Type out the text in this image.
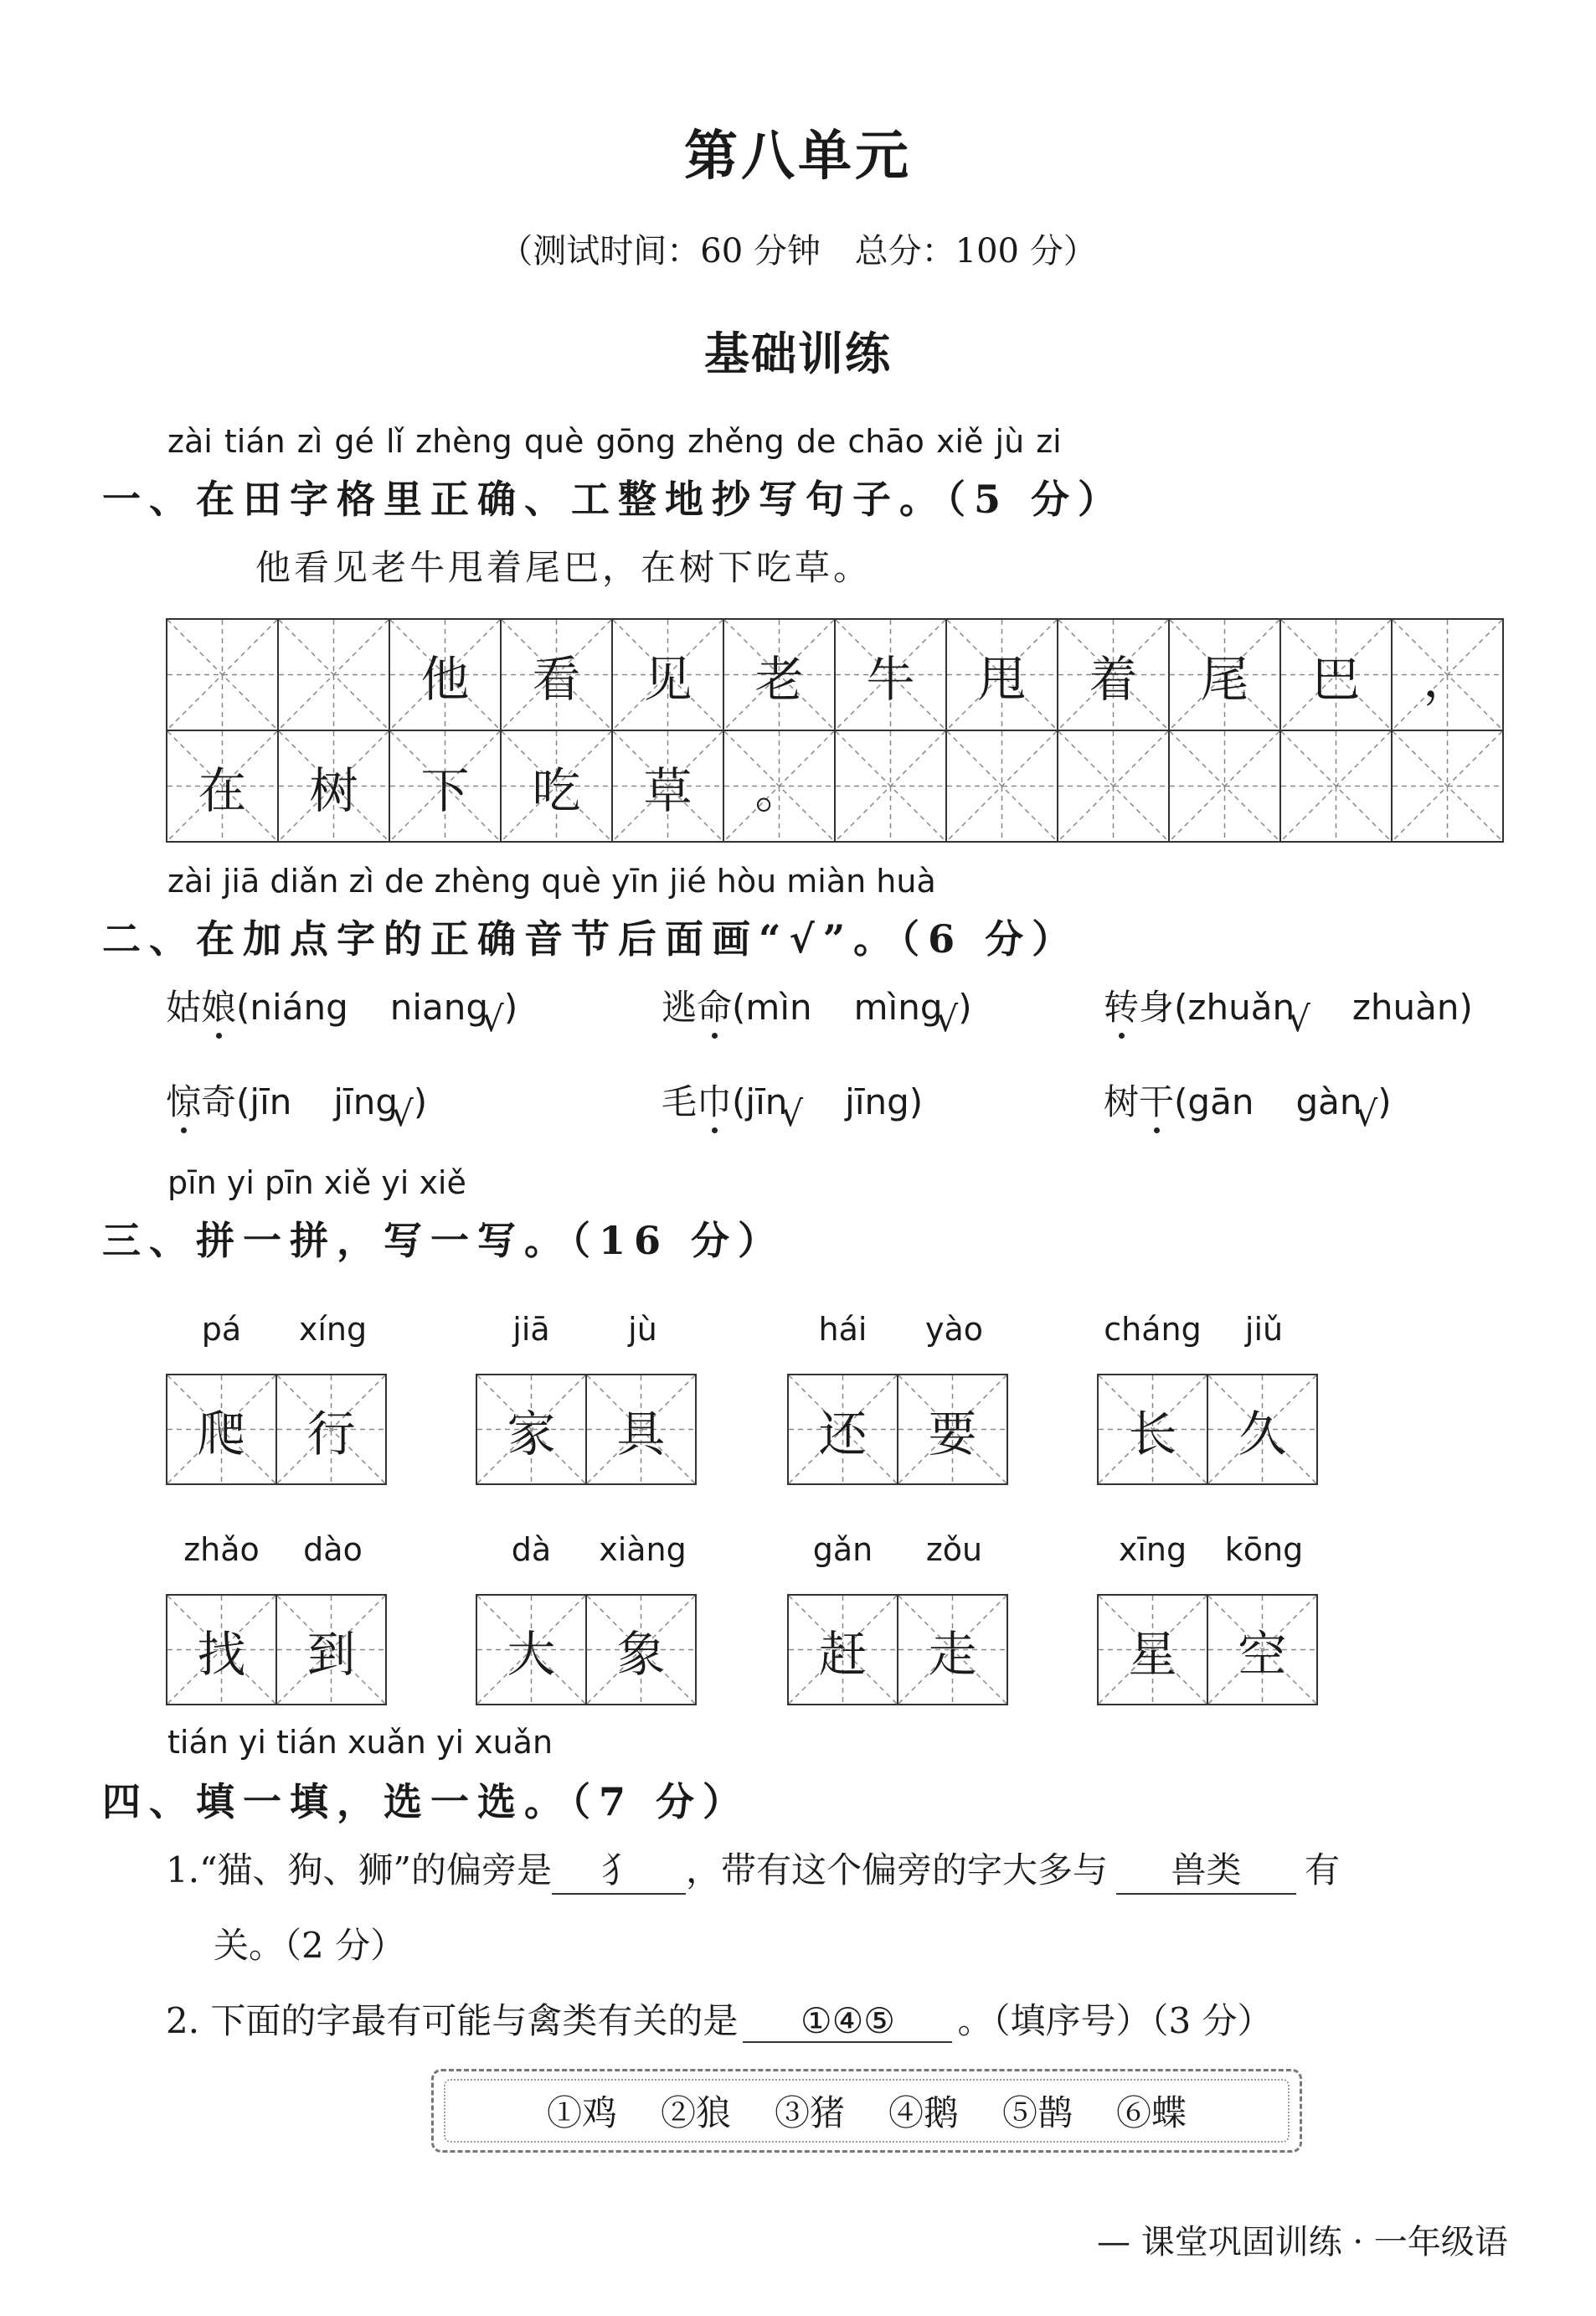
第八单元
（测试时间：60 分钟 总分：100 分）
基础训练
zài tián zì gé lǐ zhèng què gōng zhěng de chāo xiě jù zi
一、在田字格里正确、工整地抄写句子。（5 分）
他看见老牛甩着尾巴，在树下吃草。
zài jiā diǎn zì de zhèng què yīn jié hòu miàn huà
二、在加点字的正确音节后面画“√”。（6 分）
pīn yi pīn xiě yi xiě
三、拼一拼，写一写。（16 分）
tián yi tián xuǎn yi xuǎn
四、填一填，选一选。（7 分）
1.“猫、狗、狮”的偏旁是 犭 ，带有这个偏旁的字大多与 兽类 有
关。（2 分）
2. 下面的字最有可能与禽类有关的是 ①④⑤ 。（填序号）（3 分）
①鸡 ②狼 ③猪 ④鹅 ⑤鹊 ⑥蝶
— 课堂巩固训练 · 一年级语
他	看	见	老	牛	甩	着	尾	巴	，
在	树	下	吃	草	。
姑娘(niáng niang√)	逃命(mìn mìng√)	转身(zhuǎn√ zhuàn)
惊奇(jīn jīng√)	毛巾(jīn√ jīng)	树干(gān gàn√)
pá	xíng
爬	行
jiā	jù
家	具
hái	yào
还	要
cháng	jiǔ
长	久
zhǎo	dào
找	到
dà	xiàng
大	象
gǎn	zǒu
赶	走
xīng	kōng
星	空
